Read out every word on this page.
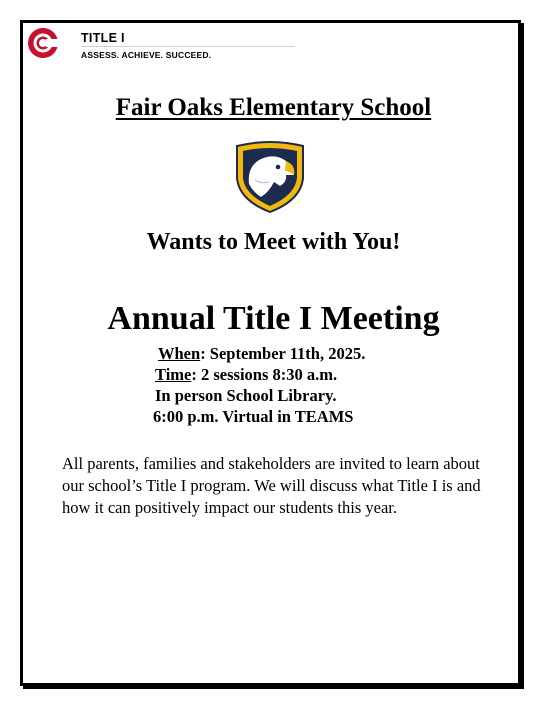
TITLE I
ASSESS. ACHIEVE. SUCCEED.
Fair Oaks Elementary School
Wants to Meet with You!
Annual Title I Meeting
When: September 11th, 2025.
Time: 2 sessions 8:30 a.m.
In person School Library.
6:00 p.m. Virtual in TEAMS
All parents, families and stakeholders are invited to learn about our school’s Title I program. We will discuss what Title I is and how it can positively impact our students this year.
